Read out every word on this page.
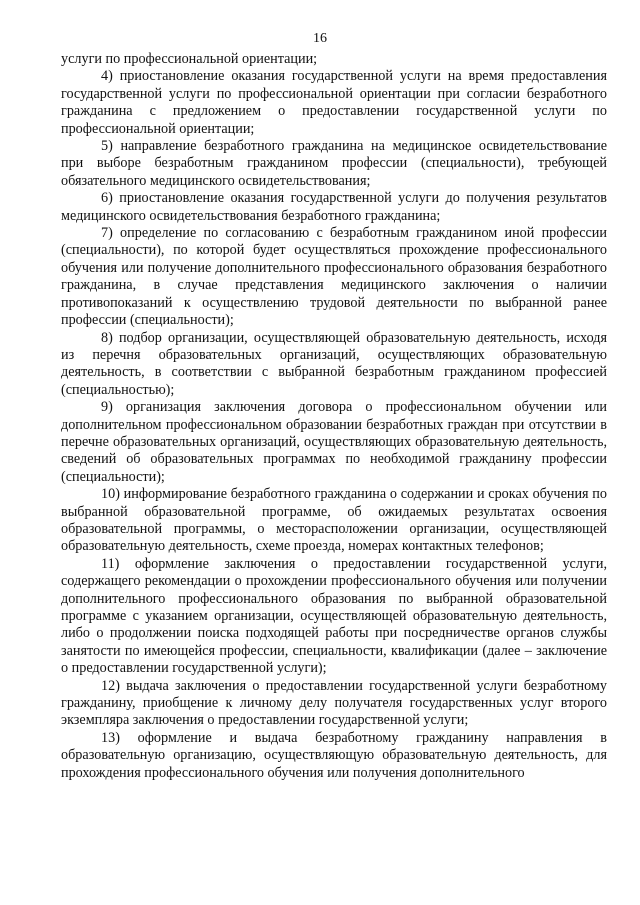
16

услуги по профессиональной ориентации;

4) приостановление оказания государственной услуги на время предоставления государственной услуги по профессиональной ориентации при согласии безработного гражданина с предложением о предоставлении государственной услуги по профессиональной ориентации;

5) направление безработного гражданина на медицинское освидетельствование при выборе безработным гражданином профессии (специальности), требующей обязательного медицинского освидетельствования;

6) приостановление оказания государственной услуги до получения результатов медицинского освидетельствования безработного гражданина;

7) определение по согласованию с безработным гражданином иной профессии (специальности), по которой будет осуществляться прохождение профессионального обучения или получение дополнительного профессионального образования безработного гражданина, в случае представления медицинского заключения о наличии противопоказаний к осуществлению трудовой деятельности по выбранной ранее профессии (специальности);

8) подбор организации, осуществляющей образовательную деятельность, исходя из перечня образовательных организаций, осуществляющих образовательную деятельность, в соответствии с выбранной безработным гражданином профессией (специальностью);

9) организация заключения договора о профессиональном обучении или дополнительном профессиональном образовании безработных граждан при отсутствии в перечне образовательных организаций, осуществляющих образовательную деятельность, сведений об образовательных программах по необходимой гражданину профессии (специальности);

10) информирование безработного гражданина о содержании и сроках обучения по выбранной образовательной программе, об ожидаемых результатах освоения образовательной программы, о месторасположении организации, осуществляющей образовательную деятельность, схеме проезда, номерах контактных телефонов;

11) оформление заключения о предоставлении государственной услуги, содержащего рекомендации о прохождении профессионального обучения или получении дополнительного профессионального образования по выбранной образовательной программе с указанием организации, осуществляющей образовательную деятельность, либо о продолжении поиска подходящей работы при посредничестве органов службы занятости по имеющейся профессии, специальности, квалификации (далее – заключение о предоставлении государственной услуги);

12) выдача заключения о предоставлении государственной услуги безработному гражданину, приобщение к личному делу получателя государственных услуг второго экземпляра заключения о предоставлении государственной услуги;

13) оформление и выдача безработному гражданину направления в образовательную организацию, осуществляющую образовательную деятельность, для прохождения профессионального обучения или получения дополнительного
